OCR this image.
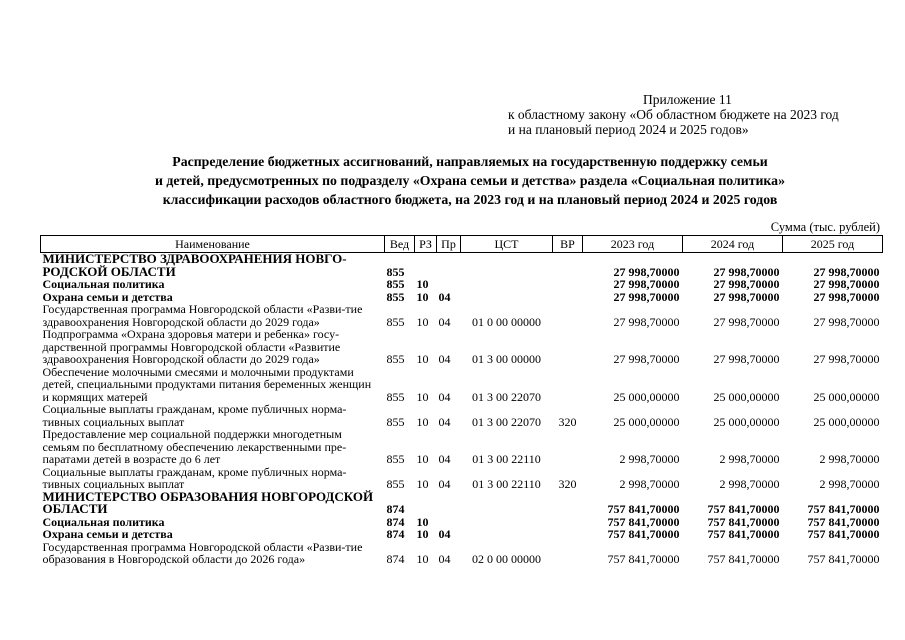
Приложение 11
к областному закону «Об областном бюджете на 2023 год
и на плановый период 2024 и 2025 годов»
Распределение бюджетных ассигнований, направляемых на государственную поддержку семьи
и детей, предусмотренных по подразделу «Охрана семьи и детства» раздела «Социальная политика»
классификации расходов областного бюджета, на 2023 год и на плановый период 2024 и 2025 годов
Сумма (тыс. рублей)
Наименование	Вед	РЗ	Пр	ЦСТ	ВР	2023 год	2024 год	2025 год
МИНИСТЕРСТВО ЗДРАВООХРАНЕНИЯ НОВГО-РОДСКОЙ ОБЛАСТИ	855					27 998,70000	27 998,70000	27 998,70000
Социальная политика	855	10				27 998,70000	27 998,70000	27 998,70000
Охрана семьи и детства	855	10	04			27 998,70000	27 998,70000	27 998,70000
Государственная программа Новгородской области «Разви-тие здравоохранения Новгородской области до 2029 года»	855	10	04	01 0 00 00000		27 998,70000	27 998,70000	27 998,70000
Подпрограмма «Охрана здоровья матери и ребенка» госу-дарственной программы Новгородской области «Развитие здравоохранения Новгородской области до 2029 года»	855	10	04	01 3 00 00000		27 998,70000	27 998,70000	27 998,70000
Обеспечение молочными смесями и молочными продуктами детей, специальными продуктами питания беременных женщин и кормящих матерей	855	10	04	01 3 00 22070		25 000,00000	25 000,00000	25 000,00000
Социальные выплаты гражданам, кроме публичных норма-тивных социальных выплат	855	10	04	01 3 00 22070	320	25 000,00000	25 000,00000	25 000,00000
Предоставление мер социальной поддержки многодетным семьям по бесплатному обеспечению лекарственными пре-паратами детей в возрасте до 6 лет	855	10	04	01 3 00 22110		2 998,70000	2 998,70000	2 998,70000
Социальные выплаты гражданам, кроме публичных норма-тивных социальных выплат	855	10	04	01 3 00 22110	320	2 998,70000	2 998,70000	2 998,70000
МИНИСТЕРСТВО ОБРАЗОВАНИЯ НОВГОРОДСКОЙ ОБЛАСТИ	874					757 841,70000	757 841,70000	757 841,70000
Социальная политика	874	10				757 841,70000	757 841,70000	757 841,70000
Охрана семьи и детства	874	10	04			757 841,70000	757 841,70000	757 841,70000
Государственная программа Новгородской области «Разви-тие образования в Новгородской области до 2026 года»	874	10	04	02 0 00 00000		757 841,70000	757 841,70000	757 841,70000
